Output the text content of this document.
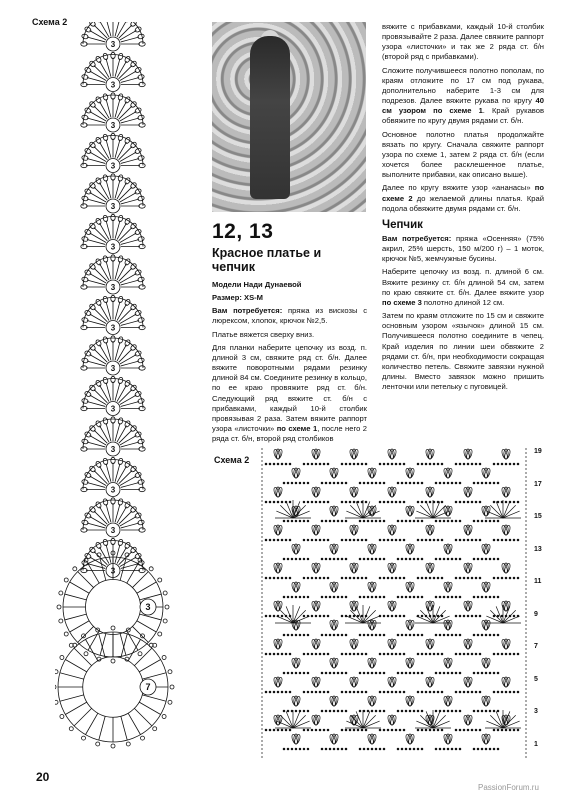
Схема 2
3
3
3
3
3
3
3
3
3
3
3
3
3
3
3
7
12, 13
Красное платье и чепчик

Модели Нади Дунаевой

Размер: XS-M

Вам потребуется: пряжа из вискозы с люрексом, хлопок, крючок №2,5.

Платье вяжется сверху вниз.

Для планки наберите цепочку из возд. п. длиной 3 см, свяжите ряд ст. б/н. Далее вяжите поворотными рядами резинку длиной 84 см. Соедините резинку в кольцо, по ее краю провяжите ряд ст. б/н. Следующий ряд вяжите ст. б/н с прибавками, каждый 10-й столбик провязывая 2 раза. Затем вяжите раппорт узора «листочки» по схеме 1, после него 2 ряда ст. б/н, второй ряд столбиков

вяжите с прибавками, каждый 10-й столбик провязывайте 2 раза. Далее свяжите раппорт узора «листочки» и так же 2 ряда ст. б/н (второй ряд с прибавками).

Сложите получившееся полотно пополам, по краям отложите по 17 см под рукава, дополнительно наберите 1-3 см для подрезов. Далее вяжите рукава по кругу 40 см узором по схеме 1. Край рукавов обвяжите по кругу двумя рядами ст. б/н.

Основное полотно платья продолжайте вязать по кругу. Сначала свяжите раппорт узора по схеме 1, затем 2 ряда ст. б/н (если хочется более расклешенное платье, выполните прибавки, как описано выше).

Далее по кругу вяжите узор «ананасы» по схеме 2 до желаемой длины платья. Край подола обвяжите двумя рядами ст. б/н.

Чепчик

Вам потребуется: пряжа «Осенняя» (75% акрил, 25% шерсть, 150 м/200 г) – 1 моток, крючок №5, жемчужные бусины.

Наберите цепочку из возд. п. длиной 6 см. Вяжите резинку ст. б/н длиной 54 см, затем по краю свяжите ст. б/н. Далее вяжите узор по схеме 3 полотно длиной 12 см.

Затем по краям отложите по 15 см и свяжите основным узором «язычок» длиной 15 см. Получившееся полотно соедините в чепец. Край изделия по линии шеи обвяжите 2 рядами ст. б/н, при необходимости сокращая количество петель. Свяжите завязки нужной длины. Вместо завязок можно пришить ленточки или петельку с пуговицей.

Схема 2
19
17
15
13
11
9
7
5
3
1
20
PassionForum.ru
